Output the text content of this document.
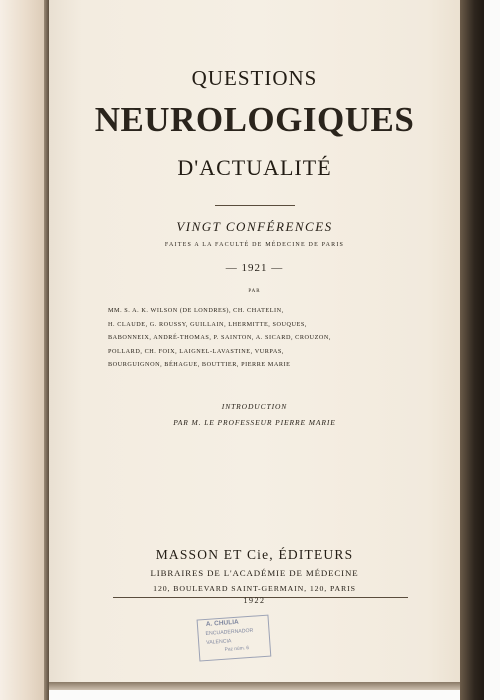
QUESTIONS
NEUROLOGIQUES
D'ACTUALITÉ
VINGT CONFÉRENCES
FAITES A LA FACULTÉ DE MÉDECINE DE PARIS
— 1921 —
PAR
MM. S. A. K. WILSON (DE LONDRES), CH. CHATELIN,
H. CLAUDE, G. ROUSSY, GUILLAIN, LHERMITTE, SOUQUES,
BABONNEIX, ANDRÉ-THOMAS, P. SAINTON, A. SICARD, CROUZON,
POLLARD, CH. FOIX, LAIGNEL-LAVASTINE, VURPAS,
BOURGUIGNON, BÉHAGUE, BOUTTIER, PIERRE MARIE
INTRODUCTION
PAR M. LE PROFESSEUR PIERRE MARIE
MASSON ET Cie, ÉDITEURS
LIBRAIRES DE L'ACADÉMIE DE MÉDECINE
120, BOULEVARD SAINT-GERMAIN, 120, PARIS
1922
A. CHULIA
ENCUADERNADOR
VALENCIA
Paz núm. 6
